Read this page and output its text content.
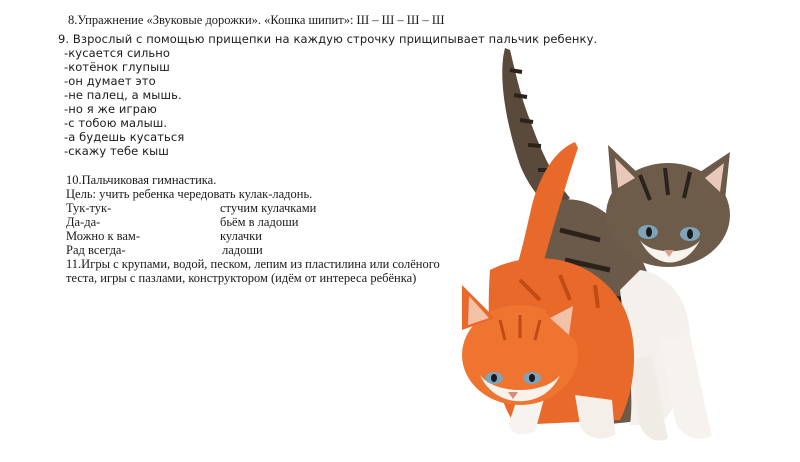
8.Упражнение «Звуковые дорожки». «Кошка шипит»: Ш – Ш – Ш – Ш
9. Взрослый с помощью прищепки на каждую строчку прищипывает пальчик ребенку.
-кусается сильно
-котёнок глупыш
-он думает это
-не палец, а мышь.
-но я же играю
-с тобою малыш.
-а будешь кусаться
-скажу тебе кыш
10.Пальчиковая гимнастика.
Цель: учить ребенка чередовать кулак-ладонь.
Тук-тук-	стучим кулачками
Да-да-	бьём в ладоши
Можно к вам-	кулачки
Рад всегда-	ладоши
11.Игры с крупами, водой, песком, лепим из пластилина или солёного
теста, игры с пазлами, конструктором (идём от интереса ребёнка)
